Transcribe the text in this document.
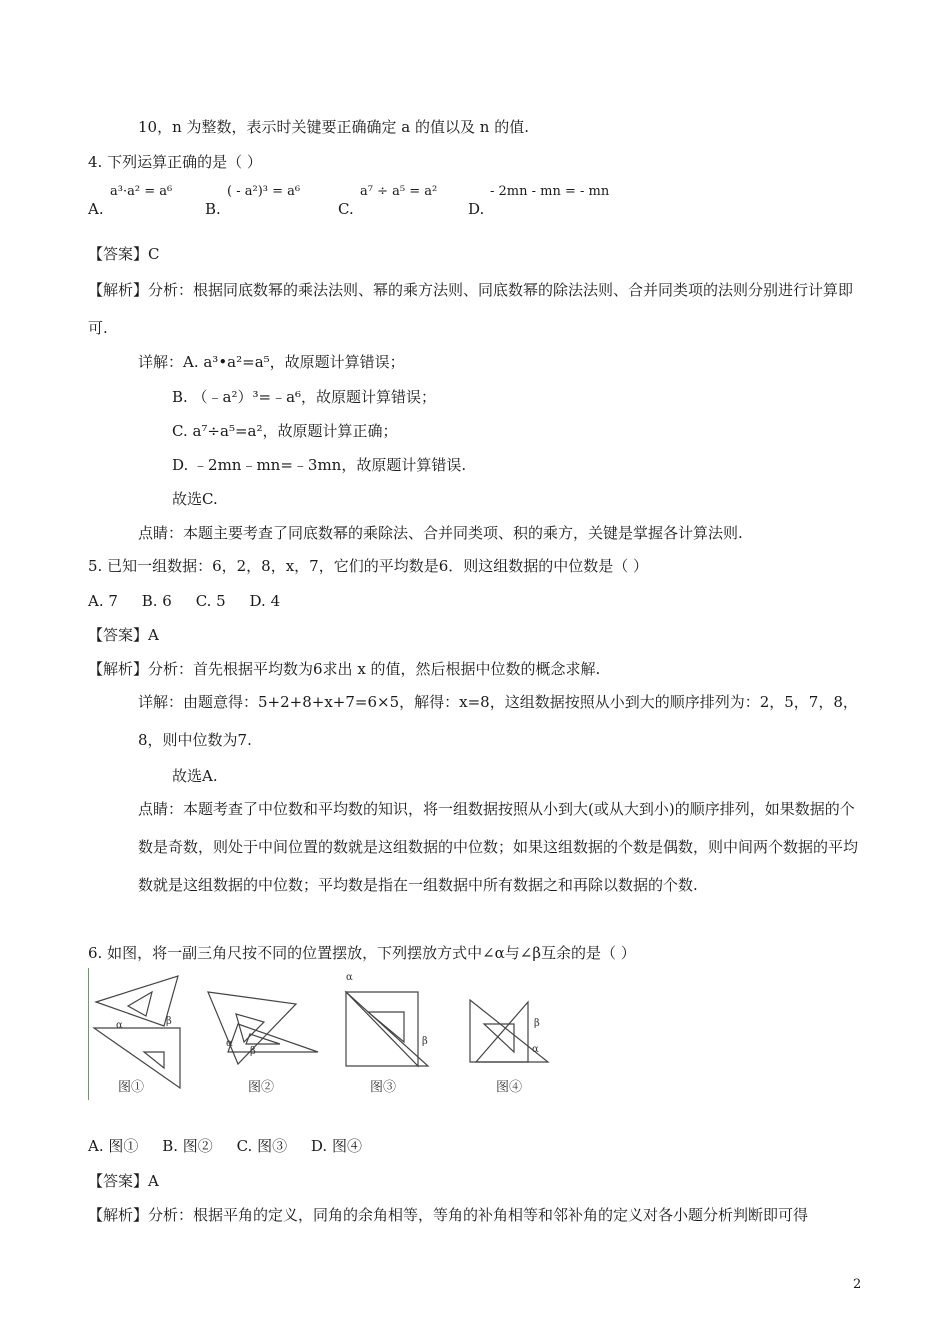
10，n 为整数，表示时关键要正确确定 a 的值以及 n 的值.
4. 下列运算正确的是（ ）
A.
a³·a² = a⁶
B.
( - a²)³ = a⁶
C.
a⁷ ÷ a⁵ = a²
D.
- 2mn - mn = - mn
【答案】C
【解析】分析：根据同底数幂的乘法法则、幂的乘方法则、同底数幂的除法法则、合并同类项的法则分别进行计算即可.
详解：A. a³•a²=a⁵，故原题计算错误；
B. （﹣a²）³=﹣a⁶，故原题计算错误；
C. a⁷÷a⁵=a²，故原题计算正确；
D. ﹣2mn﹣mn=﹣3mn，故原题计算错误.
故选C.
点睛：本题主要考查了同底数幂的乘除法、合并同类项、积的乘方，关键是掌握各计算法则.
5. 已知一组数据：6，2，8，x，7，它们的平均数是6．则这组数据的中位数是（ ）
A. 7     B. 6     C. 5     D. 4
【答案】A
【解析】分析：首先根据平均数为6求出 x 的值，然后根据中位数的概念求解.
详解：由题意得：5+2+8+x+7=6×5，解得：x=8，这组数据按照从小到大的顺序排列为：2，5，7，8，8，则中位数为7.
故选A.
点睛：本题考查了中位数和平均数的知识，将一组数据按照从小到大(或从大到小)的顺序排列，如果数据的个数是奇数，则处于中间位置的数就是这组数据的中位数；如果这组数据的个数是偶数，则中间两个数据的平均数就是这组数据的中位数；平均数是指在一组数据中所有数据之和再除以数据的个数.
6. 如图，将一副三角尺按不同的位置摆放，下列摆放方式中∠α与∠β互余的是（ ）
图①	图②	图③	图④
α	β
α
β
α
β
α
β
A. 图①     B. 图②     C. 图③     D. 图④
【答案】A
【解析】分析：根据平角的定义，同角的余角相等，等角的补角相等和邻补角的定义对各小题分析判断即可得
2
